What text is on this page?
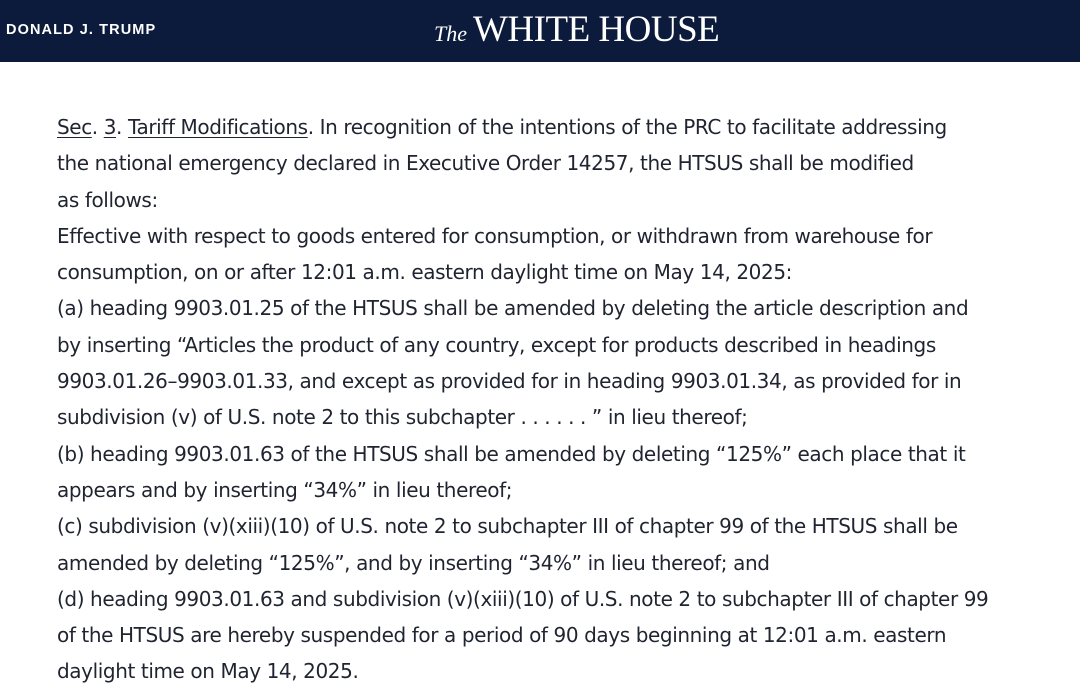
DONALD J. TRUMP	The WHITE HOUSE
Sec. 3. Tariff Modifications. In recognition of the intentions of the PRC to facilitate addressing
the national emergency declared in Executive Order 14257, the HTSUS shall be modified
as follows:
Effective with respect to goods entered for consumption, or withdrawn from warehouse for
consumption, on or after 12:01 a.m. eastern daylight time on May 14, 2025:
(a) heading 9903.01.25 of the HTSUS shall be amended by deleting the article description and
by inserting “Articles the product of any country, except for products described in headings
9903.01.26–9903.01.33, and except as provided for in heading 9903.01.34, as provided for in
subdivision (v) of U.S. note 2 to this subchapter . . . . . . ” in lieu thereof;
(b) heading 9903.01.63 of the HTSUS shall be amended by deleting “125%” each place that it
appears and by inserting “34%” in lieu thereof;
(c) subdivision (v)(xiii)(10) of U.S. note 2 to subchapter III of chapter 99 of the HTSUS shall be
amended by deleting “125%”, and by inserting “34%” in lieu thereof; and
(d) heading 9903.01.63 and subdivision (v)(xiii)(10) of U.S. note 2 to subchapter III of chapter 99
of the HTSUS are hereby suspended for a period of 90 days beginning at 12:01 a.m. eastern
daylight time on May 14, 2025.
